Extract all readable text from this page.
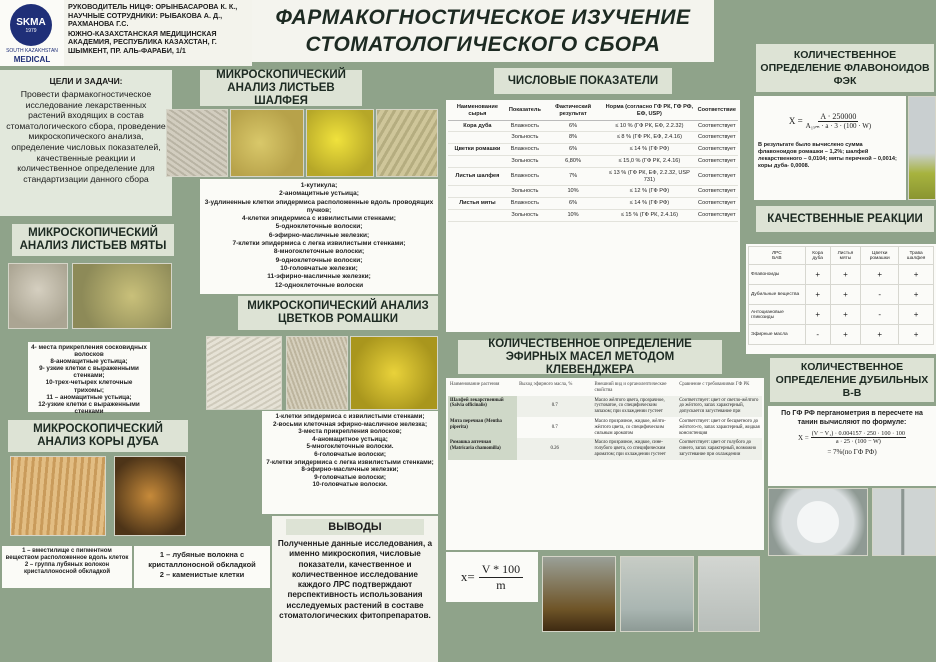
SKMA
1979
SOUTH KAZAKHSTAN
MEDICAL
РУКОВОДИТЕЛЬ НИЦФ: ОРЫНБАСАРОВА К. К., НАУЧНЫЕ СОТРУДНИКИ: РЫБАКОВА А. Д., РАХМАНОВА Г.С.
ЮЖНО-КАЗАХСТАНСКАЯ МЕДИЦИНСКАЯ АКАДЕМИЯ, РЕСПУБЛИКА КАЗАХСТАН, Г. ШЫМКЕНТ, ПР. АЛЬ-ФАРАБИ, 1/1
ФАРМАКОГНОСТИЧЕСКОЕ ИЗУЧЕНИЕ
СТОМАТОЛОГИЧЕСКОГО СБОРА
ЦЕЛИ И ЗАДАЧИ:
Провести фармакогностическое исследование лекарственных растений входящих в состав стоматологического сбора, проведение микроскопического анализа, определение числовых показателей, качественные реакции и количественное определение для стандартизации данного сбора
МИКРОСКОПИЧЕСКИЙ АНАЛИЗ ЛИСТЬЕВ ШАЛФЕЯ
1-кутикула;
2-аномацитные устьица;
3-удлиненные клетки эпидермиса расположенные вдоль проводящих пучков;
4-клетки эпидермиса с извилистыми стенками;
5-одноклеточные волоски;
6-эфирно-масличные железки;
7-клетки эпидермиса с легка извилистыми стенками;
8-многоклеточные волоски;
9-одноклеточные волоски;
10-головчатые железки;
11-эфирно-масличные железки;
12-одноклеточные волоски
МИКРОСКОПИЧЕСКИЙ АНАЛИЗ ЛИСТЬЕВ МЯТЫ
4- места прикрепления сосковидных волосков
8-аномацитные устьица;
9- узкие клетки с выраженными стенками;
10-трех-четырех клеточные трихомы;
11 – аномацитные устьица;
12-узкие клетки с выраженными стенками
МИКРОСКОПИЧЕСКИЙ АНАЛИЗ КОРЫ ДУБА
1 – вместилище с пигментном веществом расположенное вдоль клеток
2 – группа лубяных волокон кристаллоносной обкладкой
1 – лубяные волокна с кристаллоносной обкладкой
2 – каменистые клетки
МИКРОСКОПИЧЕСКИЙ АНАЛИЗ ЦВЕТКОВ РОМАШКИ
1-клетки эпидермиса с извилистыми стенками;
2-восьми клеточная эфирно-масличное железка;
3-места прикрепления волосков;
4-аномацитное устьица;
5-многоклеточные волоски.
6-головчатые волоски;
7-клетки эпидермиса с легка извилистыми стенками;
8-эфирно-масличные железки;
9-головчатые волоски;
10-головчатые волоски.
ВЫВОДЫ
Полученные данные исследования, а именно микроскопия, числовые показатели, качественное и количественное исследование каждого ЛРС подтверждают перспективность использования исследуемых растений в составе стоматологических фитопрепаратов.
ЧИСЛОВЫЕ ПОКАЗАТЕЛИ
Наименование сырья	Показатель	Фактический результат	Норма (согласно ГФ РК, ГФ РФ, ЕФ, USP)	Соответствие
Кора дуба	Влажность	6%	≤ 10 % (ГФ РК, ЕФ, 2.2.32)	Соответствует
	Зольность	8%	≤ 8 % (ГФ РК, ЕФ, 2.4.16)	Соответствует
Цветки ромашки	Влажность	6%	≤ 14 % (ГФ РФ)	Соответствует
	Зольность	6,80%	≤ 15,0 % (ГФ РК, 2.4.16)	Соответствует
Листья шалфея	Влажность	7%	≤ 13 % (ГФ РК, ЕФ, 2.2.32, USP 731)	Соответствует
	Зольность	10%	≤ 12 % (ГФ РФ)	Соответствует
Листья мяты	Влажность	6%	≤ 14 % (ГФ РФ)	Соответствует
	Зольность	10%	≤ 15 % (ГФ РК, 2.4.16)	Соответствует
КОЛИЧЕСТВЕННОЕ ОПРЕДЕЛЕНИЕ ЭФИРНЫХ МАСЕЛ МЕТОДОМ КЛЕВЕНДЖЕРА
Наименование растения	Выход эфирного масла, %	Внешний вид и органолептические свойства	Сравнение с требованиями ГФ РК
Шалфей лекарственный (Salvia officinalis)	0.7	Масло жёлтого цвета, прозрачное, густоватое, со специфическим запахом; при охлаждении густеет	Соответствует: цвет от светло-жёлтого до жёлтого, запах характерный, допускается загустевание при
Мята перечная (Mentha piperita)	0.7	Масло прозрачное, жидкое, жёлто-жёлтого цвета, со специфическим сильным ароматом	Соответствует: цвет от бесцветного до жёлтого-го, запах характерный, жидкая консистенция
Ромашка аптечная (Matricaria chamomilla)	0.26	Масло прозрачное, жидкое, сине-голубого цвета, со специфическим ароматом; при охлаждении густеет	Соответствует: цвет от голубого до синего, запах характерный, возможно загустевание при охлаждении
$x= \frac{V * 100}{m}$
КОЛИЧЕСТВЕННОЕ ОПРЕДЕЛЕНИЕ ФЛАВОНОИДОВ ФЭК
$X = \frac{A \cdot 250000}{\text{A₁ₓₘ · a · 3 · (100 · W)}}$
В результате было вычислено сумма флавоноидов ромашки – 1,2%; шалфей лекарственного – 0,0104; мяты перечной – 0,0014; коры дуба- 0,0008.
КАЧЕСТВЕННЫЕ РЕАКЦИИ
ЛРС
БАВ	Кора дуба	Листья мяты	Цветки ромашки	Трава шалфея
Флавоноиды	+	+	+	+
Дубильные вещества	+	+	-	+
Антоциановые гликозиды	+	+	-	+
Эфирные масла	-	+	+	+
КОЛИЧЕСТВЕННОЕ ОПРЕДЕЛЕНИЕ ДУБИЛЬНЫХ В-В
По ГФ РФ перганометрия в пересчете на танин вычисляют по формуле:
$X = \frac{\text{(V − V₁) · 0.004157 · 250 · 100 · 100}}{a \cdot 25 \cdot (100 - W)}$
= 7%(по ГФ РФ)
